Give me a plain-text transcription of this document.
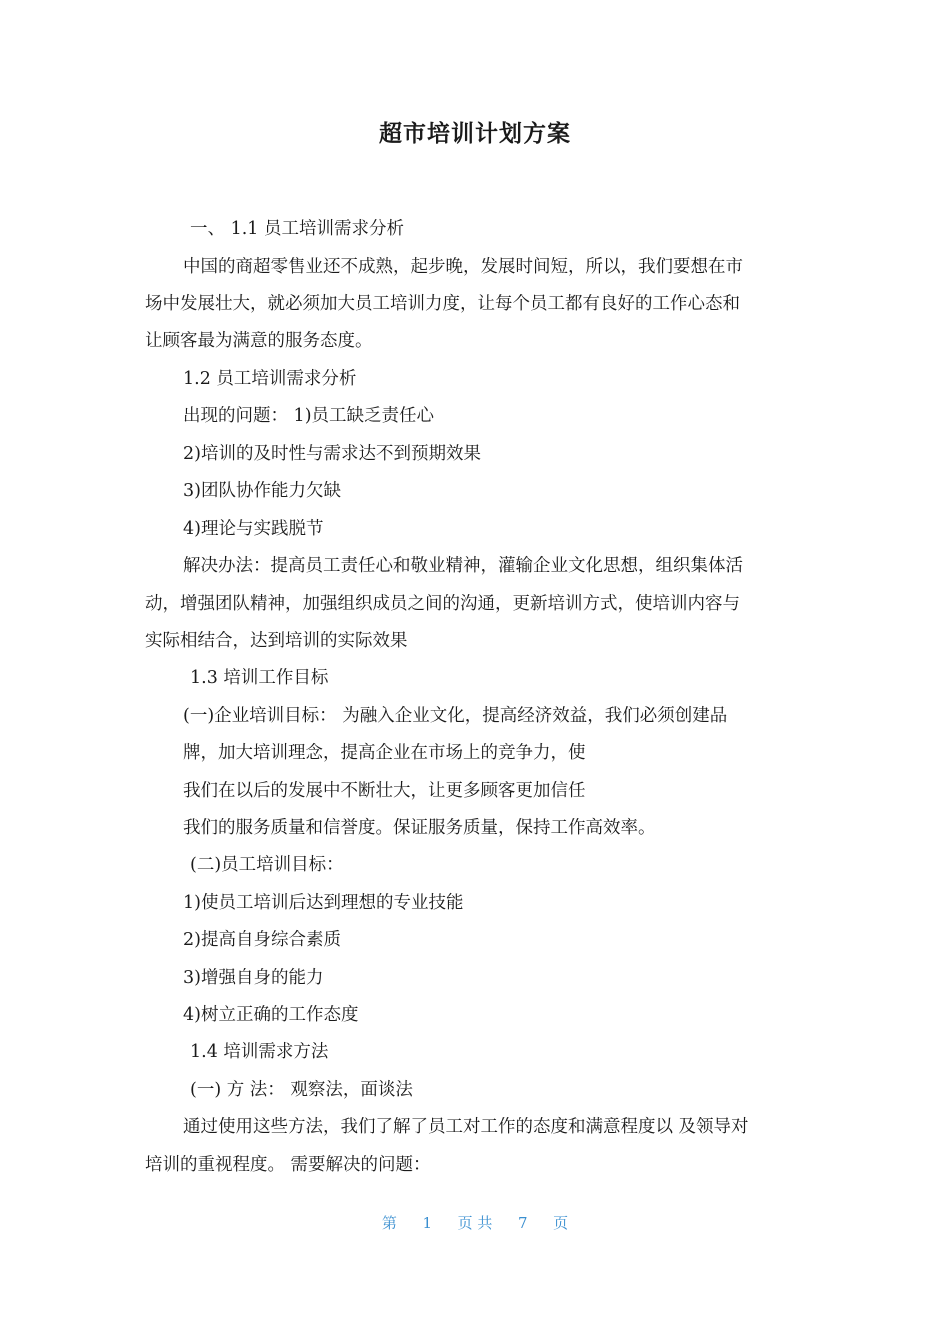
超市培训计划方案
一、 1.1 员工培训需求分析
中国的商超零售业还不成熟，起步晚，发展时间短，所以，我们要想在市
场中发展壮大，就必须加大员工培训力度，让每个员工都有良好的工作心态和
让顾客最为满意的服务态度。
1.2 员工培训需求分析
出现的问题： 1)员工缺乏责任心
2)培训的及时性与需求达不到预期效果
3)团队协作能力欠缺
4)理论与实践脱节
解决办法：提高员工责任心和敬业精神，灌输企业文化思想，组织集体活
动，增强团队精神，加强组织成员之间的沟通，更新培训方式，使培训内容与
实际相结合，达到培训的实际效果
1.3 培训工作目标
(一)企业培训目标： 为融入企业文化，提高经济效益，我们必须创建品
牌，加大培训理念，提高企业在市场上的竞争力，使
我们在以后的发展中不断壮大，让更多顾客更加信任
我们的服务质量和信誉度。保证服务质量，保持工作高效率。
(二)员工培训目标：
1)使员工培训后达到理想的专业技能
2)提高自身综合素质
3)增强自身的能力
4)树立正确的工作态度
1.4 培训需求方法
(一) 方 法： 观察法，面谈法
通过使用这些方法，我们了解了员工对工作的态度和满意程度以 及领导对
培训的重视程度。 需要解决的问题：
第 1 页 共 7 页
